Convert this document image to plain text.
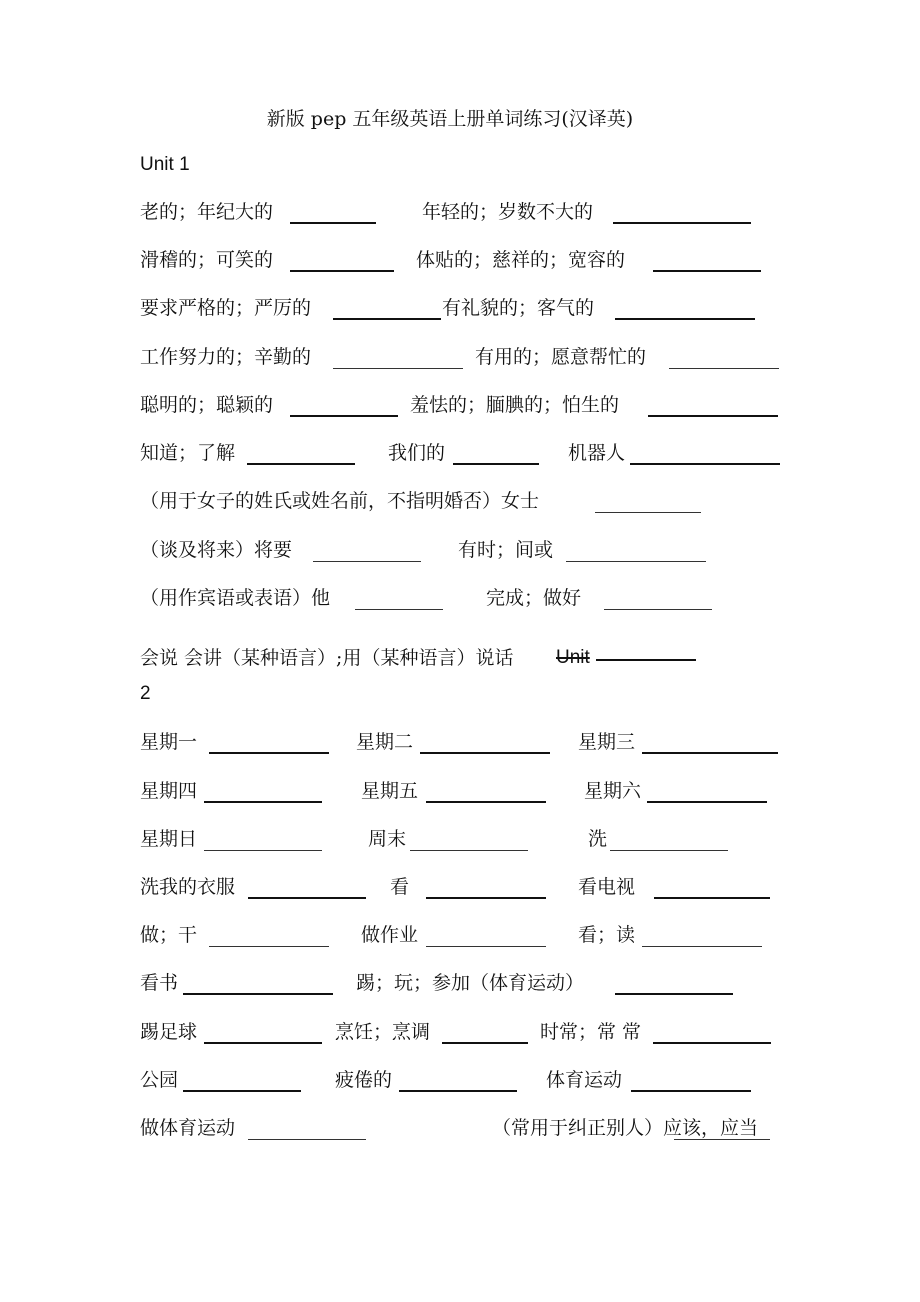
新版 pep 五年级英语上册单词练习(汉译英)
Unit 1
老的；年纪大的	年轻的；岁数不大的
滑稽的；可笑的	体贴的；慈祥的；宽容的
要求严格的；严厉的	有礼貌的；客气的
工作努力的；辛勤的	有用的；愿意帮忙的
聪明的；聪颖的	羞怯的；腼腆的；怕生的
知道；了解	我们的	机器人
（用于女子的姓氏或姓名前，不指明婚否）女士
（谈及将来）将要	有时；间或
（用作宾语或表语）他	完成；做好
会说 会讲（某种语言）;用（某种语言）说话 Unit
2
星期一	星期二	星期三
星期四	星期五	星期六
星期日	周末	洗
洗我的衣服	看	看电视
做；干	做作业	看；读
看书	踢；玩；参加（体育运动）
踢足球	烹饪；烹调	时常；常 常
公园	疲倦的	体育运动
做体育运动	（常用于纠正别人）应该，应当
